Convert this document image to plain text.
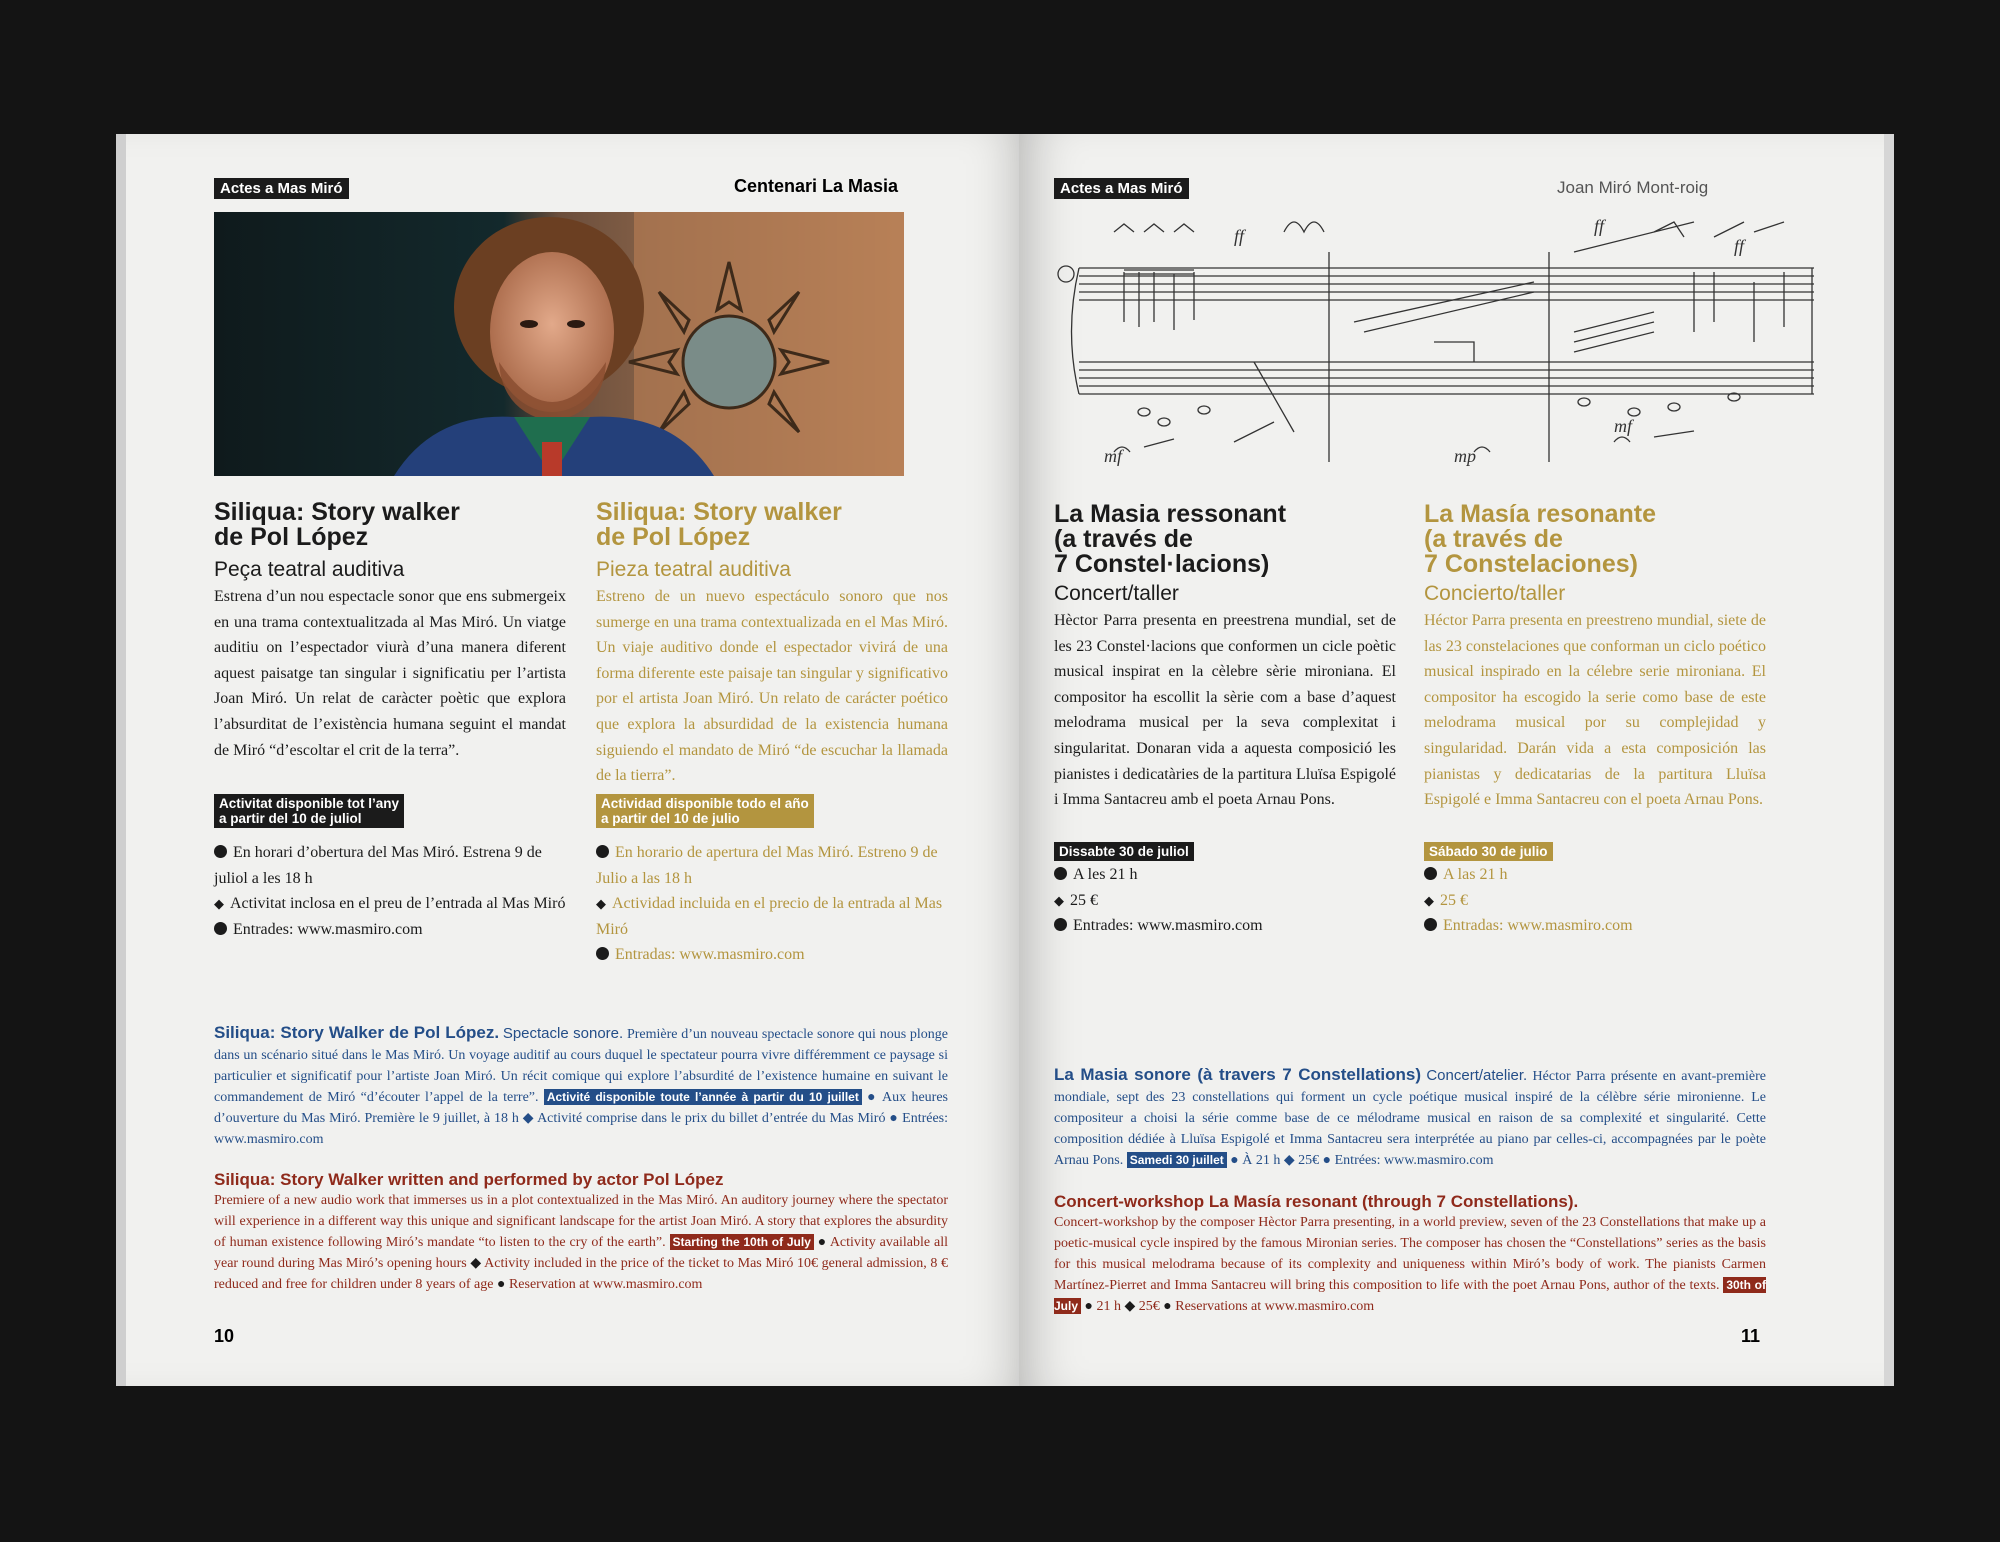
Actes a Mas Miró	Centenari La Masia
Siliqua: Story walker
de Pol López
Peça teatral auditiva
Estrena d’un nou espectacle sonor que ens submergeix en una trama contextualitzada al Mas Miró. Un viatge auditiu on l’espectador viurà d’una manera diferent aquest paisatge tan singular i significatiu per l’artista Joan Miró. Un relat de caràcter poètic que explora l’absurditat de l’existència humana seguint el mandat de Miró “d’escoltar el crit de la terra”.
Activitat disponible tot l’any
a partir del 10 de juliol
En horari d’obertura del Mas Miró. Estrena 9 de juliol a les 18 h
◆ Activitat inclosa en el preu de l’entrada al Mas Miró
Entrades: www.masmiro.com
Siliqua: Story walker
de Pol López
Pieza teatral auditiva
Estreno de un nuevo espectáculo sonoro que nos sumerge en una trama contextualizada en el Mas Miró. Un viaje auditivo donde el espectador vivirá de una forma diferente este paisaje tan singular y significativo por el artista Joan Miró. Un relato de carácter poético que explora la absurdidad de la existencia humana siguiendo el mandato de Miró “de escuchar la llamada de la tierra”.
Actividad disponible todo el año
a partir del 10 de julio
En horario de apertura del Mas Miró. Estreno 9 de Julio a las 18 h
◆ Actividad incluida en el precio de la entrada al Mas Miró
Entradas: www.masmiro.com
Siliqua: Story Walker de Pol López. Spectacle sonore. Première d’un nouveau spectacle sonore qui nous plonge dans un scénario situé dans le Mas Miró. Un voyage auditif au cours duquel le spectateur pourra vivre différemment ce paysage si particulier et significatif pour l’artiste Joan Miró. Un récit comique qui explore l’absurdité de l’existence humaine en suivant le commandement de Miró “d’écouter l’appel de la terre”. Activité disponible toute l’année à partir du 10 juillet ● Aux heures d’ouverture du Mas Miró. Première le 9 juillet, à 18 h ◆ Activité comprise dans le prix du billet d’entrée du Mas Miró ● Entrées: www.masmiro.com
Siliqua: Story Walker written and performed by actor Pol López
Premiere of a new audio work that immerses us in a plot contextualized in the Mas Miró. An auditory journey where the spectator will experience in a different way this unique and significant landscape for the artist Joan Miró. A story that explores the absurdity of human existence following Miró’s mandate “to listen to the cry of the earth”. Starting the 10th of July ● Activity available all year round during Mas Miró’s opening hours ◆ Activity included in the price of the ticket to Mas Miró 10€ general admission, 8 € reduced and free for children under 8 years of age ● Reservation at www.masmiro.com
10
Actes a Mas Miró	Joan Miró Mont-roig
ff	ff
ff
mf	mp
mf
La Masia ressonant
(a través de
7 Constel·lacions)
Concert/taller
Hèctor Parra presenta en preestrena mundial, set de les 23 Constel·lacions que conformen un cicle poètic musical inspirat en la cèlebre sèrie mironiana. El compositor ha escollit la sèrie com a base d’aquest melodrama musical per la seva complexitat i singularitat. Donaran vida a aquesta composició les pianistes i dedicatàries de la partitura Lluïsa Espigolé i Imma Santacreu amb el poeta Arnau Pons.
Dissabte 30 de juliol
A les 21 h
◆ 25 €
Entrades: www.masmiro.com
La Masía resonante
(a través de
7 Constelaciones)
Concierto/taller
Héctor Parra presenta en preestreno mundial, siete de las 23 constelaciones que conforman un ciclo poético musical inspirado en la célebre serie mironiana. El compositor ha escogido la serie como base de este melodrama musical por su complejidad y singularidad. Darán vida a esta composición las pianistas y dedicatarias de la partitura Lluïsa Espigolé e Imma Santacreu con el poeta Arnau Pons.
Sábado 30 de julio
A las 21 h
◆ 25 €
Entradas: www.masmiro.com
La Masia sonore (à travers 7 Constellations) Concert/atelier. Héctor Parra présente en avant-première mondiale, sept des 23 constellations qui forment un cycle poétique musical inspiré de la célèbre série mironienne. Le compositeur a choisi la série comme base de ce mélodrame musical en raison de sa complexité et singularité. Cette composition dédiée à Lluïsa Espigolé et Imma Santacreu sera interprétée au piano par celles-ci, accompagnées par le poète Arnau Pons. Samedi 30 juillet ● À 21 h ◆ 25€ ● Entrées: www.masmiro.com
Concert-workshop La Masía resonant (through 7 Constellations).
Concert-workshop by the composer Hèctor Parra presenting, in a world preview, seven of the 23 Constellations that make up a poetic-musical cycle inspired by the famous Mironian series. The composer has chosen the “Constellations” series as the basis for this musical melodrama because of its complexity and uniqueness within Miró’s body of work. The pianists Carmen Martínez-Pierret and Imma Santacreu will bring this composition to life with the poet Arnau Pons, author of the texts. 30th of July ● 21 h ◆ 25€ ● Reservations at www.masmiro.com
11
